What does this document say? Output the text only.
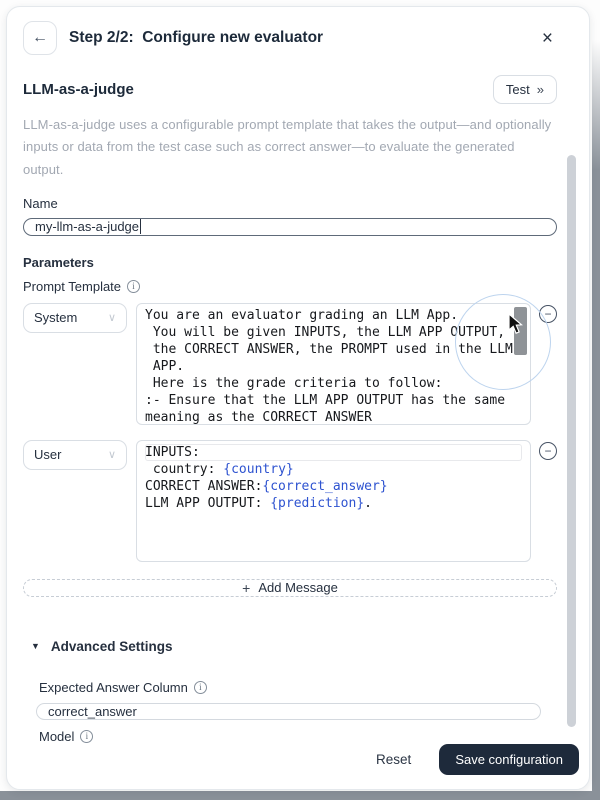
← Step 2/2:  Configure new evaluator	×
LLM-as-a-judge	Test »
LLM-as-a-judge uses a configurable prompt template that takes the output—and optionally inputs or data from the test case such as correct answer—to evaluate the generated output.
Name
my-llm-as-a-judge
Parameters
Prompt Template	i
System	∨ You are an evaluator grading an LLM App.
You will be given INPUTS, the LLM APP OUTPUT,
the CORRECT ANSWER, the PROMPT used in the LLM
APP.
Here is the grade criteria to follow:
:- Ensure that the LLM APP OUTPUT has the same
meaning as the CORRECT ANSWER
−
User	∨ INPUTS:
country: {country}
CORRECT ANSWER:{correct_answer}
LLM APP OUTPUT: {prediction}.
−
+ Add Message
▼ Advanced Settings
Expected Answer Column	i
correct_answer
Model	i
Reset	Save configuration
